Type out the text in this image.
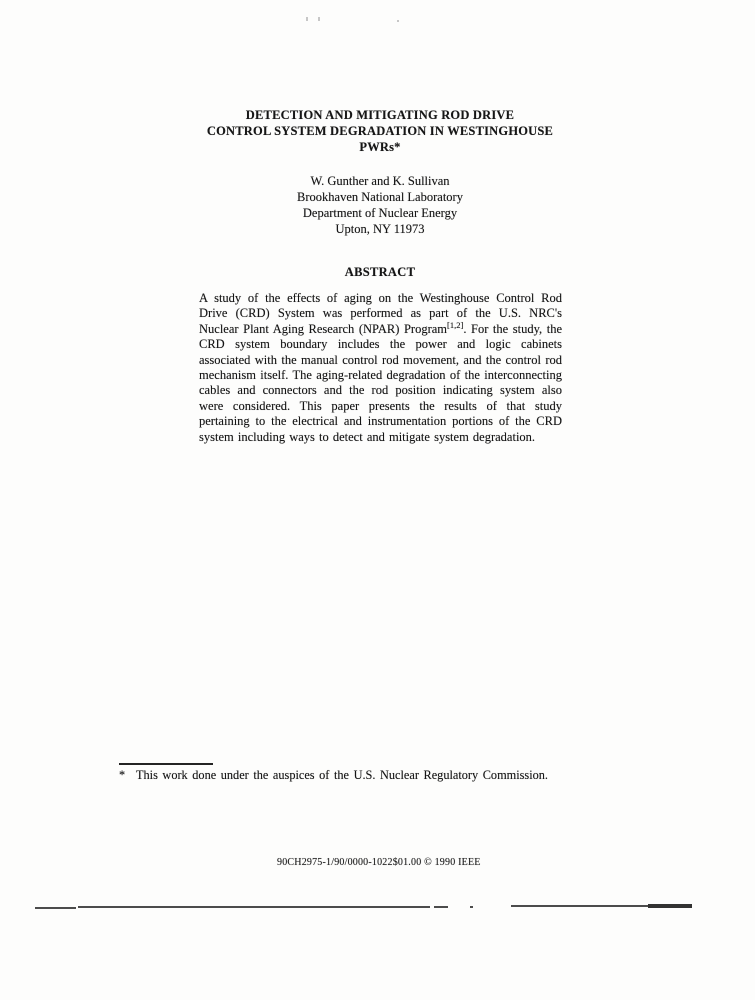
DETECTION AND MITIGATING ROD DRIVE
CONTROL SYSTEM DEGRADATION IN WESTINGHOUSE PWRs*
W. Gunther and K. Sullivan
Brookhaven National Laboratory
Department of Nuclear Energy
Upton, NY 11973
ABSTRACT
A study of the effects of aging on the Westinghouse Control Rod Drive (CRD) System was performed as part of the U.S. NRC's Nuclear Plant Aging Research (NPAR) Program[1,2]. For the study, the CRD system boundary includes the power and logic cabinets associated with the manual control rod movement, and the control rod mechanism itself. The aging-related degradation of the interconnecting cables and connectors and the rod position indicating system also were considered. This paper presents the results of that study pertaining to the electrical and instrumentation portions of the CRD system including ways to detect and mitigate system degradation.
* This work done under the auspices of the U.S. Nuclear Regulatory Commission.
90CH2975-1/90/0000-1022$01.00 © 1990 IEEE
